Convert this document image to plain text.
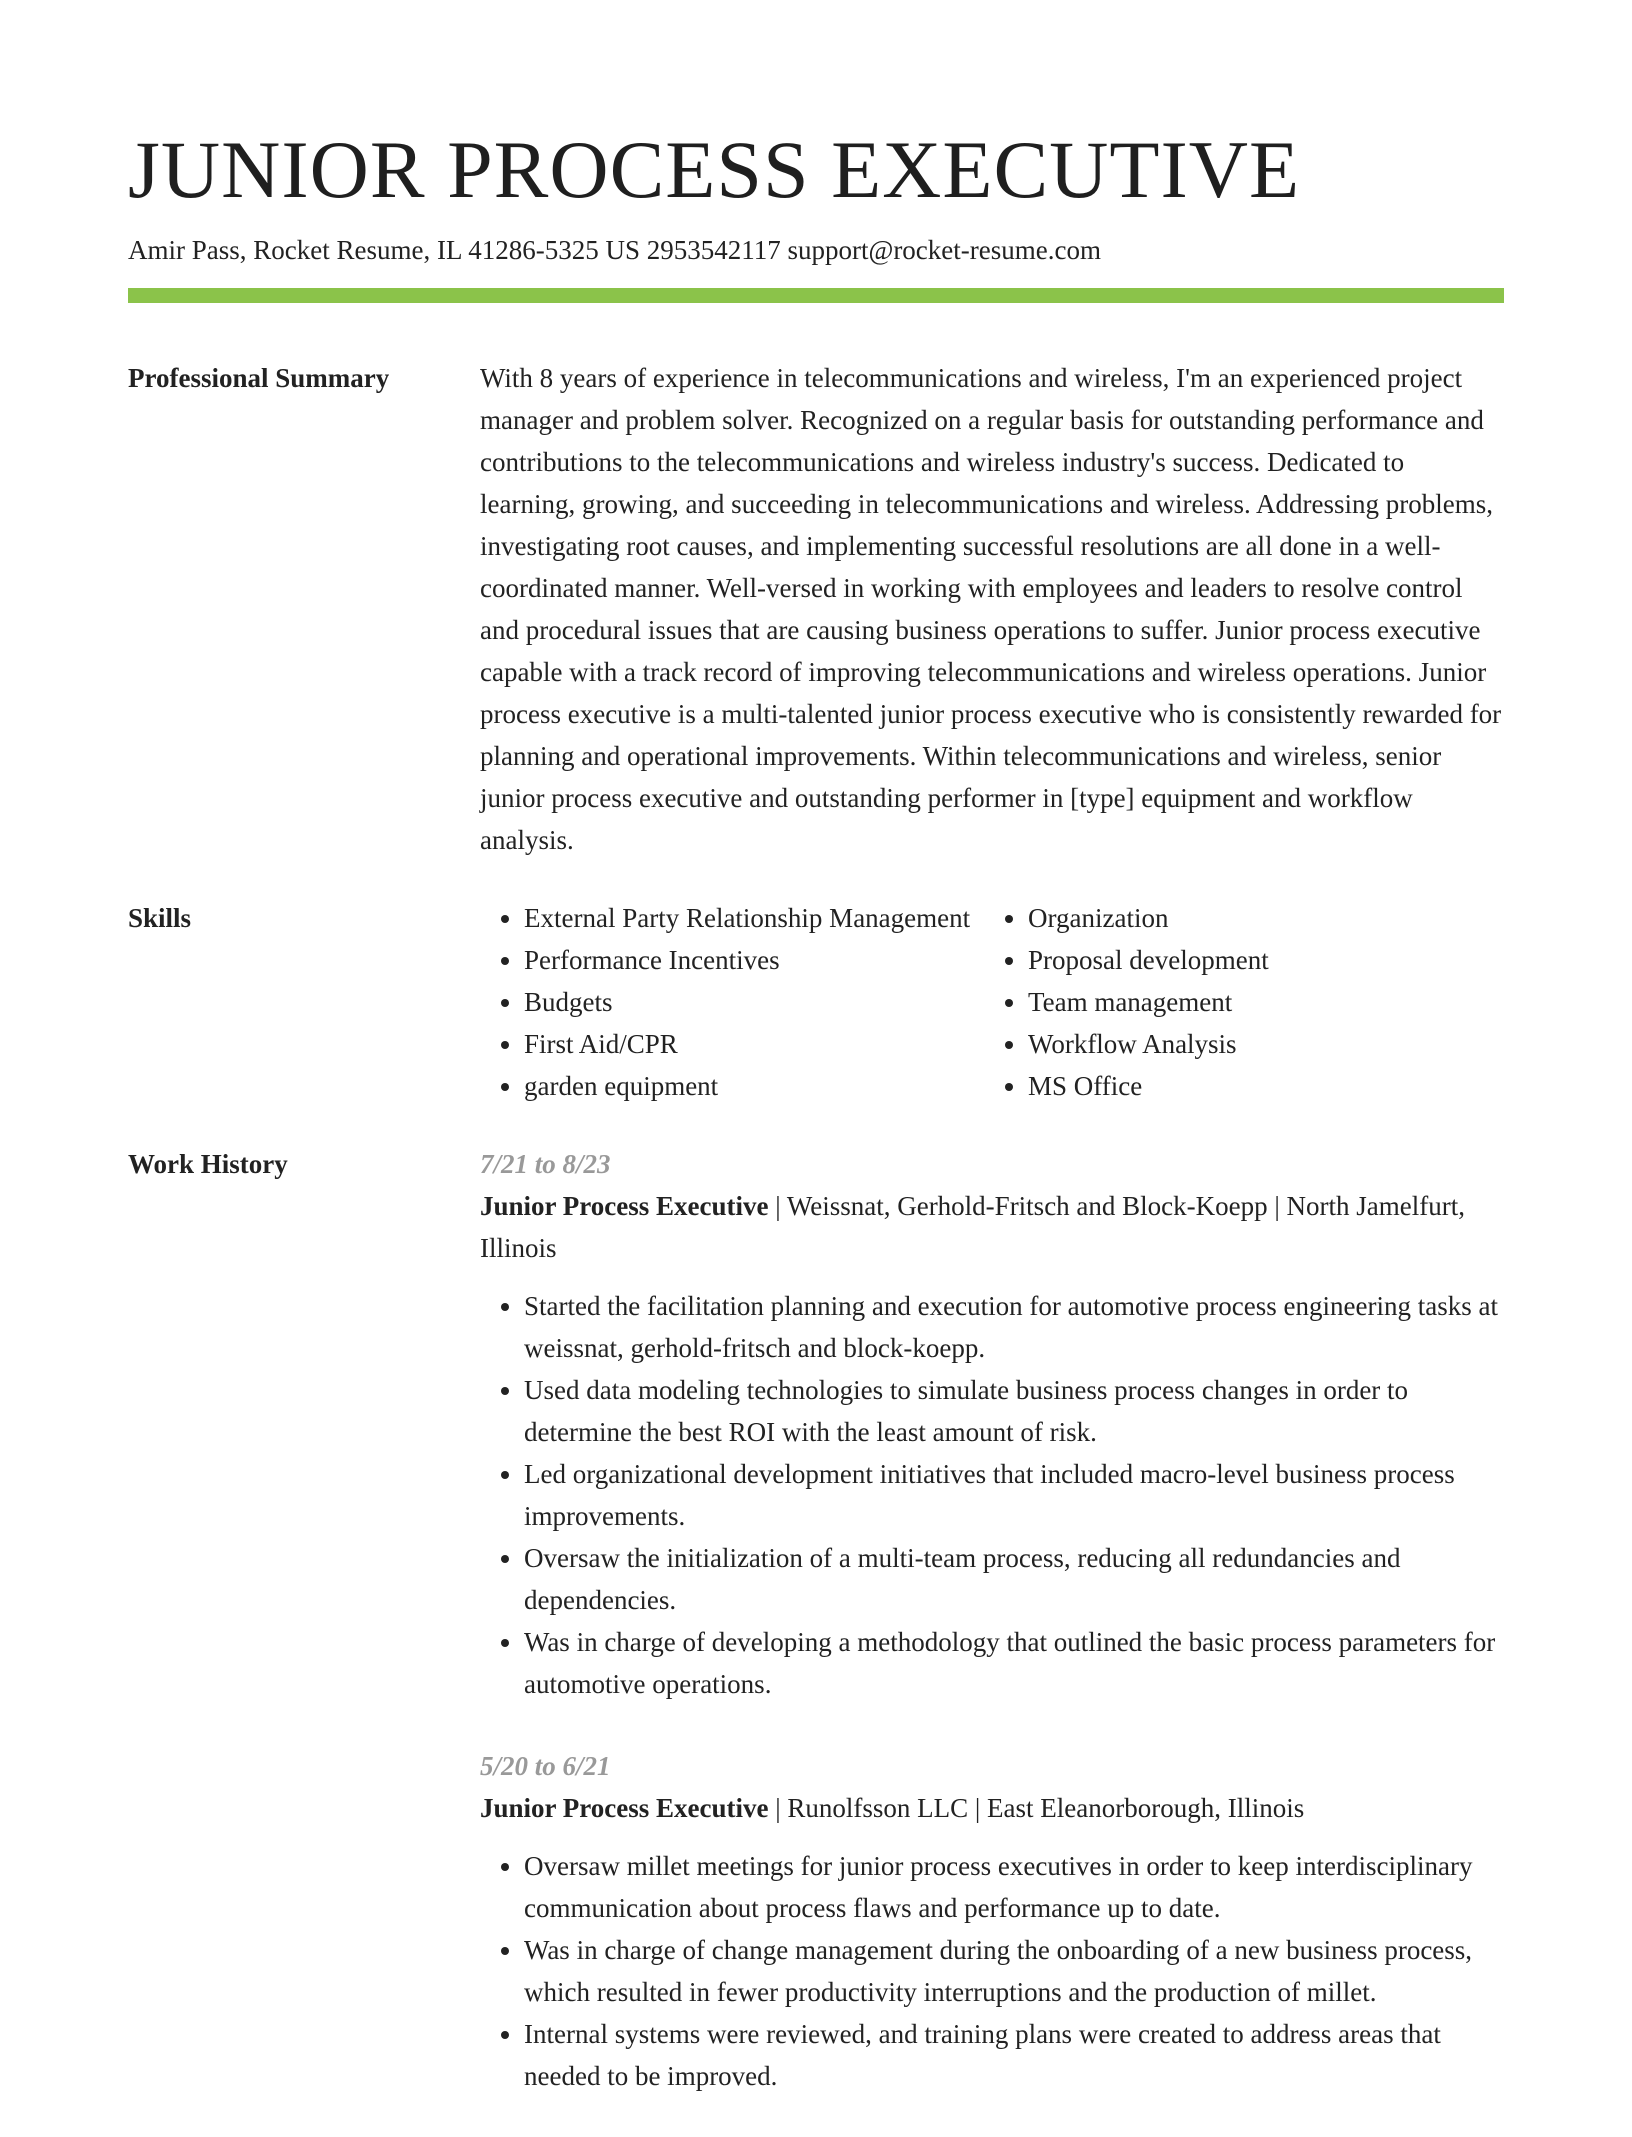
JUNIOR PROCESS EXECUTIVE
Amir Pass, Rocket Resume, IL 41286-5325 US 2953542117 support@rocket-resume.com
Professional Summary	With 8 years of experience in telecommunications and wireless, I'm an experienced project manager and problem solver. Recognized on a regular basis for outstanding performance and contributions to the telecommunications and wireless industry's success. Dedicated to learning, growing, and succeeding in telecommunications and wireless. Addressing problems, investigating root causes, and implementing successful resolutions are all done in a well-coordinated manner. Well-versed in working with employees and leaders to resolve control and procedural issues that are causing business operations to suffer. Junior process executive capable with a track record of improving telecommunications and wireless operations. Junior process executive is a multi-talented junior process executive who is consistently rewarded for planning and operational improvements. Within telecommunications and wireless, senior junior process executive and outstanding performer in [type] equipment and workflow analysis.

Skills
•	External Party Relationship Management
• Performance Incentives
• Budgets
• First Aid/CPR
• garden equipment
• Organization
• Proposal development
• Team management
• Workflow Analysis
• MS Office
Work History	7/21 to 8/23
Junior Process Executive | Weissnat, Gerhold-Fritsch and Block-Koepp | North Jamelfurt, Illinois
• Started the facilitation planning and execution for automotive process engineering tasks at weissnat, gerhold-fritsch and block-koepp.
• Used data modeling technologies to simulate business process changes in order to determine the best ROI with the least amount of risk.
• Led organizational development initiatives that included macro-level business process improvements.
• Oversaw the initialization of a multi-team process, reducing all redundancies and dependencies.
• Was in charge of developing a methodology that outlined the basic process parameters for automotive operations.
5/20 to 6/21
Junior Process Executive | Runolfsson LLC | East Eleanorborough, Illinois
• Oversaw millet meetings for junior process executives in order to keep interdisciplinary communication about process flaws and performance up to date.
• Was in charge of change management during the onboarding of a new business process, which resulted in fewer productivity interruptions and the production of millet.
• Internal systems were reviewed, and training plans were created to address areas that needed to be improved.
